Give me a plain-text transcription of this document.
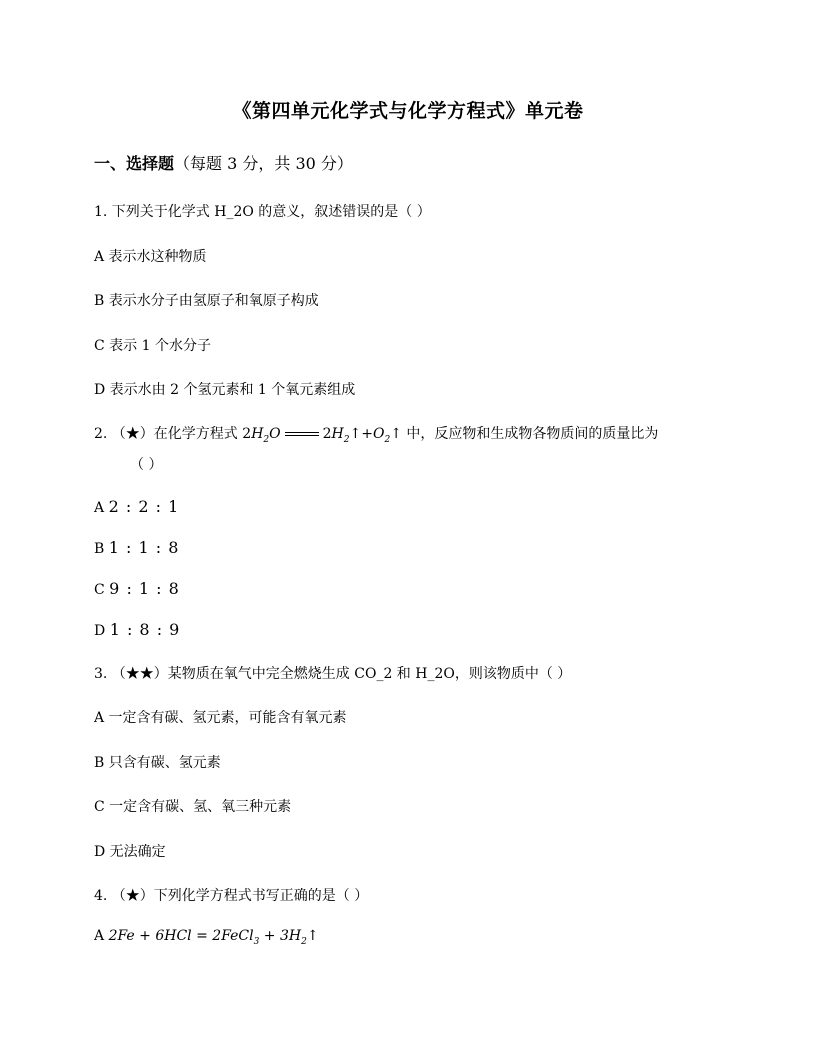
《第四单元化学式与化学方程式》单元卷
一、选择题（每题 3 分，共 30 分）
1. 下列关于化学式 H_2O 的意义，叙述错误的是（ ）
A 表示水这种物质
B 表示水分子由氢原子和氧原子构成
C 表示 1 个水分子
D 表示水由 2 个氢元素和 1 个氧元素组成
2. （★）在化学方程式 $2H_2O$	$2H_2↑+O_2↑$ 中，反应物和生成物各物质间的质量比为
（ ）
A 2 : 2 : 1
B 1 : 1 : 8
C 9 : 1 : 8
D 1 : 8 : 9
3. （★★）某物质在氧气中完全燃烧生成 CO_2 和 H_2O，则该物质中（ ）
A 一定含有碳、氢元素，可能含有氧元素
B 只含有碳、氢元素
C 一定含有碳、氢、氧三种元素
D 无法确定
4. （★）下列化学方程式书写正确的是（ ）
A 2Fe + 6HCl = 2FeCl$_3$ + $3H_2↑$
